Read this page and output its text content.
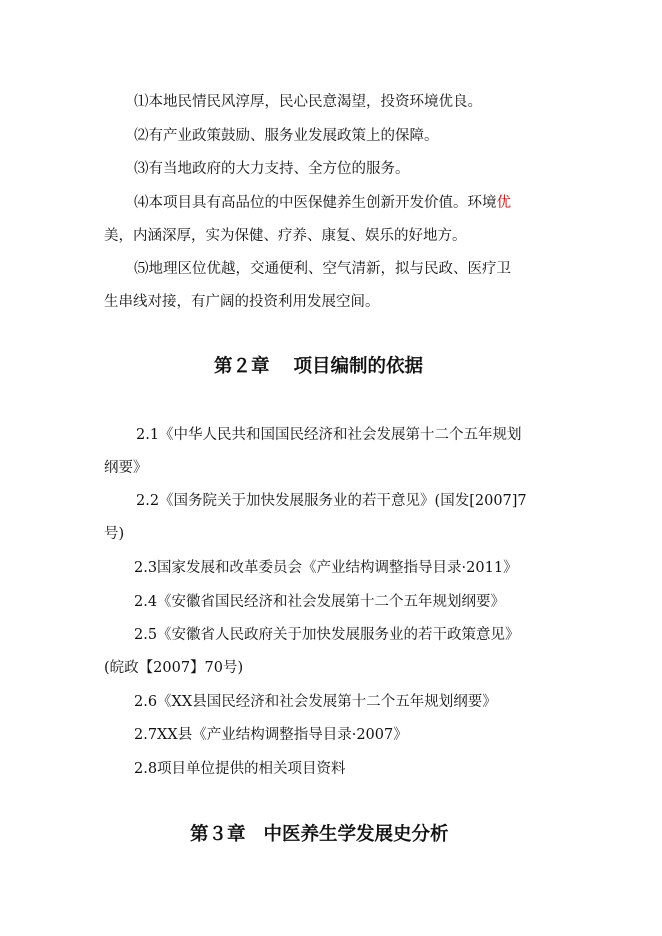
⑴本地民情民风淳厚，民心民意渴望，投资环境优良。
⑵有产业政策鼓励、服务业发展政策上的保障。
⑶有当地政府的大力支持、全方位的服务。
⑷本项目具有高品位的中医保健养生创新开发价值。环境优
美，内涵深厚，实为保健、疗养、康复、娱乐的好地方。
⑸地理区位优越，交通便利、空气清新，拟与民政、医疗卫
生串线对接，有广阔的投资利用发展空间。
第２章 项目编制的依据
2.1《中华人民共和国国民经济和社会发展第十二个五年规划
纲要》
2.2《国务院关于加快发展服务业的若干意见》(国发[2007]7
号)
2.3国家发展和改革委员会《产业结构调整指导目录·2011》
2.4《安徽省国民经济和社会发展第十二个五年规划纲要》
2.5《安徽省人民政府关于加快发展服务业的若干政策意见》
(皖政【2007】70号)
2.6《XX县国民经济和社会发展第十二个五年规划纲要》
2.7XX县《产业结构调整指导目录·2007》
2.8项目单位提供的相关项目资料
第３章 中医养生学发展史分析
